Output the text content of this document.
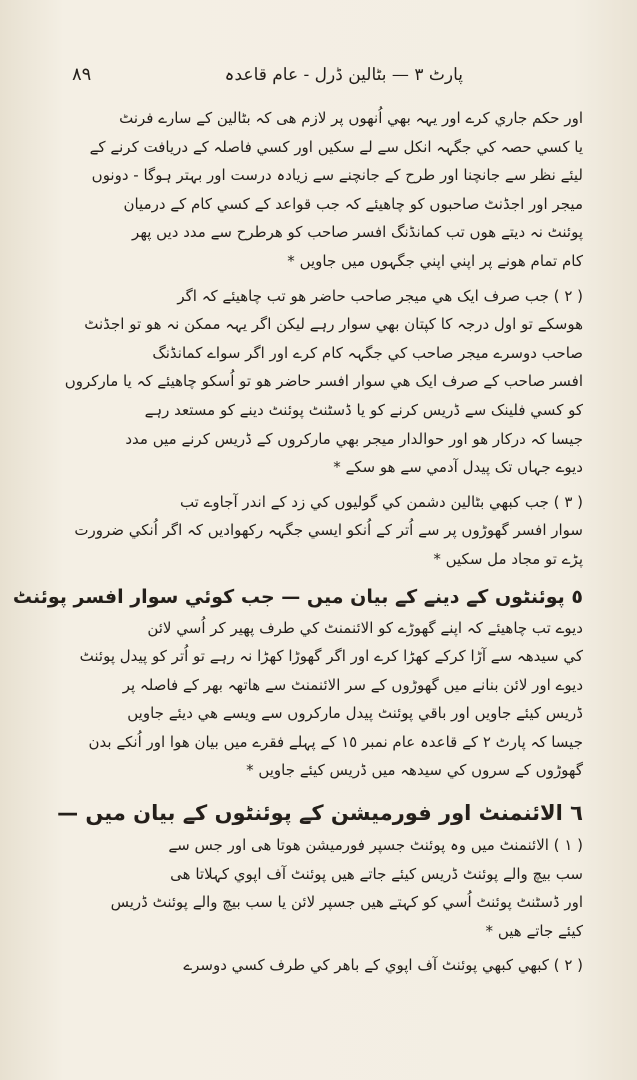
پارٹ ٣ — بٹالین ڈرل - عام قاعدہ
٨٩

اور حکم جاري کرے اور یہہ بھي اُنھوں پر لازم ھی کہ بٹالین کے سارے فرنٹ

یا کسي حصہ کي جگہہ انکل سے لے سکیں اور کسي فاصلہ کے دریافت کرنے کے

لیئے نظر سے جانچنا اور طرح کے جانچنے سے زیادہ درست اور بہتر ہوگا - دونوں

میجر اور اجڈنٹ صاحبوں کو چاھیئے کہ جب قواعد کے کسي کام کے درمیان

پوئنٹ نہ دیتے ھوں تب کمانڈنگ افسر صاحب کو ھرطرح سے مدد دیں پھر

کام تمام ھونے پر اپني اپني جگہوں میں جاویں *

( ٢ ) جب صرف ایک ھي میجر صاحب حاضر ھو تب چاھیئے کہ اگر

ھوسکے تو اول درجہ کا کپتان بھي سوار رہے لیکن اگر یہہ ممکن نہ ھو تو اجڈنٹ

صاحب دوسرے میجر صاحب کي جگہہ کام کرے اور اگر سواے کمانڈنگ

افسر صاحب کے صرف ایک ھي سوار افسر حاضر ھو تو اُسکو چاھیئے کہ یا مارکروں

کو کسي فلینک سے ڈریس کرنے کو یا ڈسٹنٹ پوئنٹ دینے کو مستعد رہے

جیسا کہ درکار ھو اور حوالدار میجر بھي مارکروں کے ڈریس کرنے میں مدد

دیوے جہاں تک پیدل آدمي سے ھو سکے *

( ٣ ) جب کبھي بٹالین دشمن کي گولیوں کي زد کے اندر آجاوے تب

سوار افسر گھوڑوں پر سے اُتر کے اُنکو ایسي جگہہ رکھوادیں کہ اگر اُنکي ضرورت

پڑے تو مجاد مل سکیں *

٥ پوئنٹوں کے دینے کے بیان میں — جب کوئي سوار افسر پوئنٹ

دیوے تب چاھیئے کہ اپنے گھوڑے کو الائنمنٹ کي طرف پھیر کر اُسي لائن

کي سیدھہ سے آڑا کرکے کھڑا کرے اور اگر گھوڑا کھڑا نہ رہے تو اُتر کو پیدل پوئنٹ

دیوے اور لائن بنانے میں گھوڑوں کے سر الائنمنٹ سے ھاتھہ بھر کے فاصلہ پر

ڈریس کیئے جاویں اور باقي پوئنٹ پیدل مارکروں سے ویسے ھي دیئے جاویں

جیسا کہ پارٹ ٢ کے قاعدہ عام نمبر ١٥ کے پہلے فقرے میں بیان ھوا اور اُنکے بدن

گھوڑوں کے سروں کي سیدھہ میں ڈریس کیئے جاویں *

٦ الائنمنٹ اور فورمیشن کے پوئنٹوں کے بیان میں —

( ١ ) الائنمنٹ میں وہ پوئنٹ جسپر فورمیشن ھوتا ھی اور جس سے

سب بیچ والے پوئنٹ ڈریس کیئے جاتے ھیں پوئنٹ آف اپوي کہلاتا ھی

اور ڈسٹنٹ پوئنٹ اُسي کو کہتے ھیں جسپر لائن یا سب بیچ والے پوئنٹ ڈریس

کیئے جاتے ھیں *

( ٢ ) کبھي کبھي پوئنٹ آف اپوي کے باھر کي طرف کسي دوسرے
